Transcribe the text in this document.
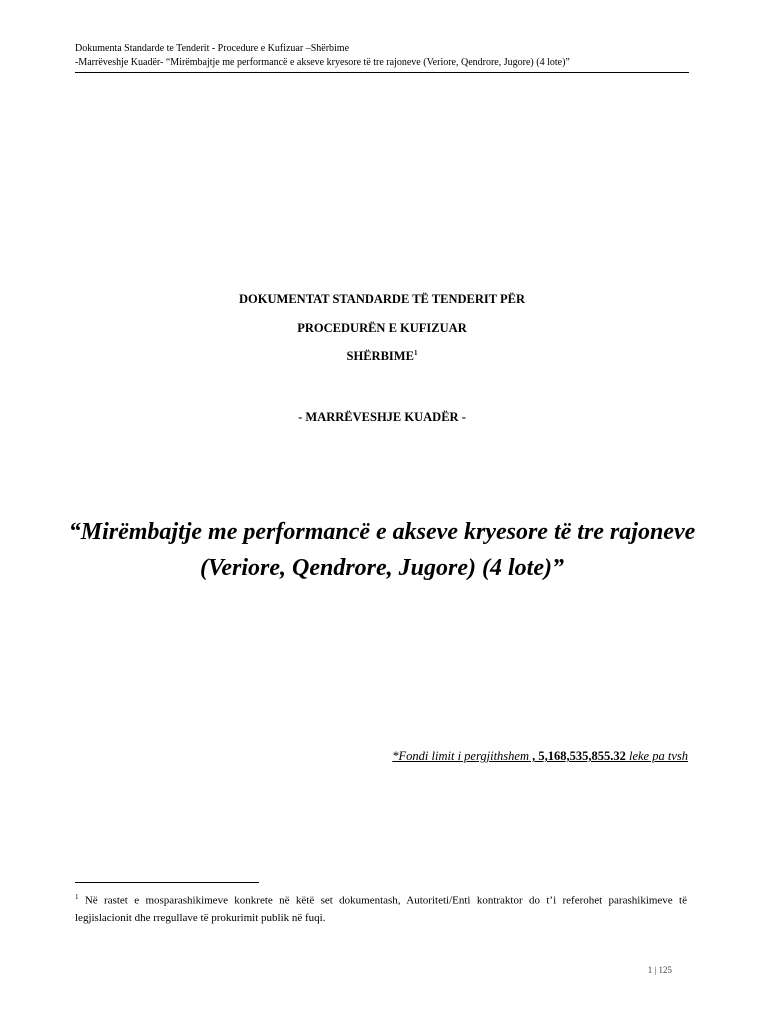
Dokumenta Standarde te Tenderit - Procedure e Kufizuar –Shërbime
-Marrëveshje Kuadër- “Mirëmbajtje me performancë e akseve kryesore të tre rajoneve (Veriore, Qendrore, Jugore) (4 lote)”
DOKUMENTAT STANDARDE TË TENDERIT PËR
PROCEDURËN E KUFIZUAR
SHËRBIME$^1$
- MARRËVESHJE KUADËR -
“Mirëmbajtje me performancë e akseve kryesore të tre rajoneve (Veriore, Qendrore, Jugore) (4 lote)”
*Fondi limit i pergjithshem , 5,168,535,855.32 leke pa tvsh
$^1$ Në rastet e mosparashikimeve konkrete në këtë set dokumentash, Autoriteti/Enti kontraktor do t’i referohet parashikimeve të legjislacionit dhe rregullave të prokurimit publik në fuqi.
1 | 125
